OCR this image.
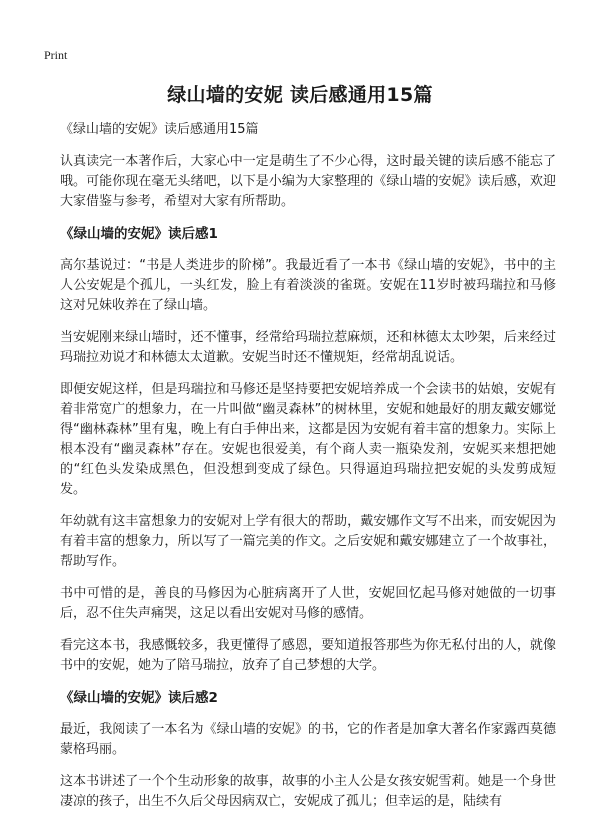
Print
绿山墙的安妮 读后感通用15篇
《绿山墙的安妮》读后感通用15篇

认真读完一本著作后，大家心中一定是萌生了不少心得，这时最关键的读后感不能忘了哦。可能你现在毫无头绪吧，以下是小编为大家整理的《绿山墙的安妮》读后感，欢迎大家借鉴与参考，希望对大家有所帮助。

《绿山墙的安妮》读后感1

高尔基说过：“书是人类进步的阶梯”。我最近看了一本书《绿山墙的安妮》，书中的主人公安妮是个孤儿，一头红发，脸上有着淡淡的雀斑。安妮在11岁时被玛瑞拉和马修这对兄妹收养在了绿山墙。

当安妮刚来绿山墙时，还不懂事，经常给玛瑞拉惹麻烦，还和林德太太吵架，后来经过玛瑞拉劝说才和林德太太道歉。安妮当时还不懂规矩，经常胡乱说话。

即便安妮这样，但是玛瑞拉和马修还是坚持要把安妮培养成一个会读书的姑娘，安妮有着非常宽广的想象力，在一片叫做“幽灵森林”的树林里，安妮和她最好的朋友戴安娜觉得“幽林森林”里有鬼，晚上有白手伸出来，这都是因为安妮有着丰富的想象力。实际上根本没有“幽灵森林”存在。安妮也很爱美，有个商人卖一瓶染发剂，安妮买来想把她的“红色头发染成黑色，但没想到变成了绿色。只得逼迫玛瑞拉把安妮的头发剪成短发。

年幼就有这丰富想象力的安妮对上学有很大的帮助，戴安娜作文写不出来，而安妮因为有着丰富的想象力，所以写了一篇完美的作文。之后安妮和戴安娜建立了一个故事社，帮助写作。

书中可惜的是，善良的马修因为心脏病离开了人世，安妮回忆起马修对她做的一切事后，忍不住失声痛哭，这足以看出安妮对马修的感情。

看完这本书，我感慨较多，我更懂得了感恩，要知道报答那些为你无私付出的人，就像书中的安妮，她为了陪马瑞拉，放弃了自己梦想的大学。

《绿山墙的安妮》读后感2

最近，我阅读了一本名为《绿山墙的安妮》的书，它的作者是加拿大著名作家露西莫德蒙格玛丽。

这本书讲述了一个个生动形象的故事，故事的小主人公是女孩安妮雪莉。她是一个身世凄凉的孩子，出生不久后父母因病双亡，安妮成了孤儿；但幸运的是，陆续有
